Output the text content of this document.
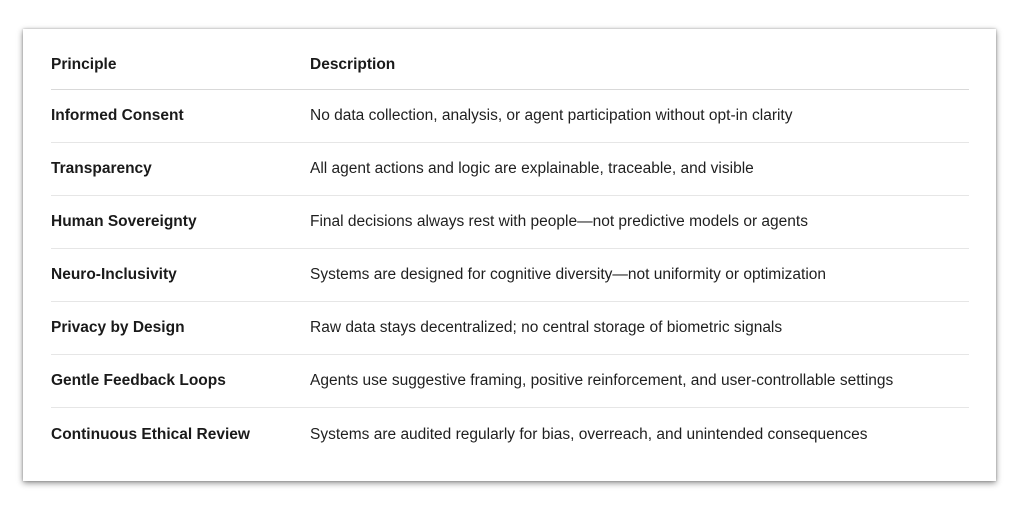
Principle	Description
Informed Consent	No data collection, analysis, or agent participation without opt-in clarity
Transparency	All agent actions and logic are explainable, traceable, and visible
Human Sovereignty	Final decisions always rest with people—not predictive models or agents
Neuro-Inclusivity	Systems are designed for cognitive diversity—not uniformity or optimization
Privacy by Design	Raw data stays decentralized; no central storage of biometric signals
Gentle Feedback Loops	Agents use suggestive framing, positive reinforcement, and user-controllable settings
Continuous Ethical Review	Systems are audited regularly for bias, overreach, and unintended consequences
